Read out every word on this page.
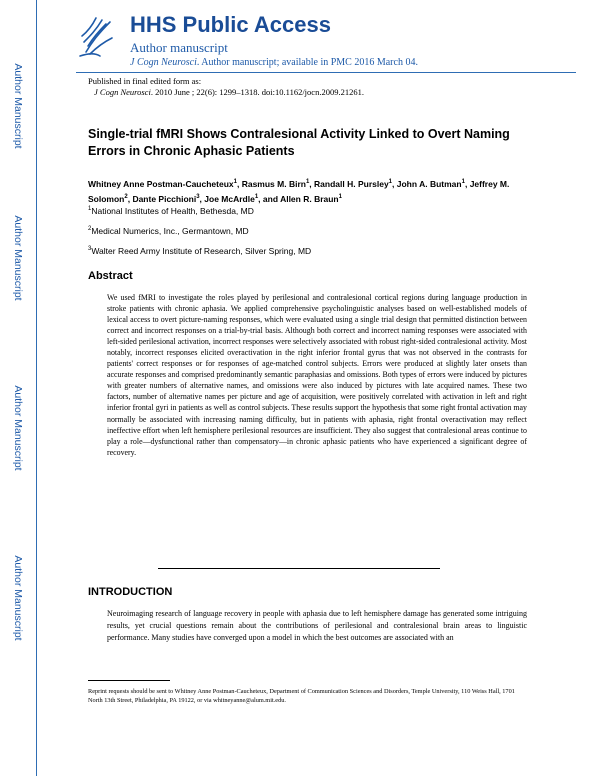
Author Manuscript
Author Manuscript
Author Manuscript
Author Manuscript
HHS Public Access
Author manuscript
J Cogn Neurosci. Author manuscript; available in PMC 2016 March 04.
Published in final edited form as:
J Cogn Neurosci. 2010 June ; 22(6): 1299–1318. doi:10.1162/jocn.2009.21261.
Single-trial fMRI Shows Contralesional Activity Linked to Overt Naming Errors in Chronic Aphasic Patients
Whitney Anne Postman-Caucheteux$^1$, Rasmus M. Birn$^1$, Randall H. Pursley$^1$, John A. Butman$^1$, Jeffrey M. Solomon$^2$, Dante Picchioni$^3$, Joe McArdle$^1$, and Allen R. Braun$^1$
$^1$National Institutes of Health, Bethesda, MD
$^2$Medical Numerics, Inc., Germantown, MD
$^3$Walter Reed Army Institute of Research, Silver Spring, MD
Abstract
We used fMRI to investigate the roles played by perilesional and contralesional cortical regions during language production in stroke patients with chronic aphasia. We applied comprehensive psycholinguistic analyses based on well-established models of lexical access to overt picture-naming responses, which were evaluated using a single trial design that permitted distinction between correct and incorrect responses on a trial-by-trial basis. Although both correct and incorrect naming responses were associated with left-sided perilesional activation, incorrect responses were selectively associated with robust right-sided contralesional activity. Most notably, incorrect responses elicited overactivation in the right inferior frontal gyrus that was not observed in the contrasts for patients' correct responses or for responses of age-matched control subjects. Errors were produced at slightly later onsets than accurate responses and comprised predominantly semantic paraphasias and omissions. Both types of errors were induced by pictures with greater numbers of alternative names, and omissions were also induced by pictures with late acquired names. These two factors, number of alternative names per picture and age of acquisition, were positively correlated with activation in left and right inferior frontal gyri in patients as well as control subjects. These results support the hypothesis that some right frontal activation may normally be associated with increasing naming difficulty, but in patients with aphasia, right frontal overactivation may reflect ineffective effort when left hemisphere perilesional resources are insufficient. They also suggest that contralesional areas continue to play a role—dysfunctional rather than compensatory—in chronic aphasic patients who have experienced a significant degree of recovery.
INTRODUCTION
Neuroimaging research of language recovery in people with aphasia due to left hemisphere damage has generated some intriguing results, yet crucial questions remain about the contributions of perilesional and contralesional brain areas to linguistic performance. Many studies have converged upon a model in which the best outcomes are associated with an
Reprint requests should be sent to Whitney Anne Postman-Caucheteux, Department of Communication Sciences and Disorders, Temple University, 110 Weiss Hall, 1701 North 13th Street, Philadelphia, PA 19122, or via whitneyanne@alum.mit.edu.
